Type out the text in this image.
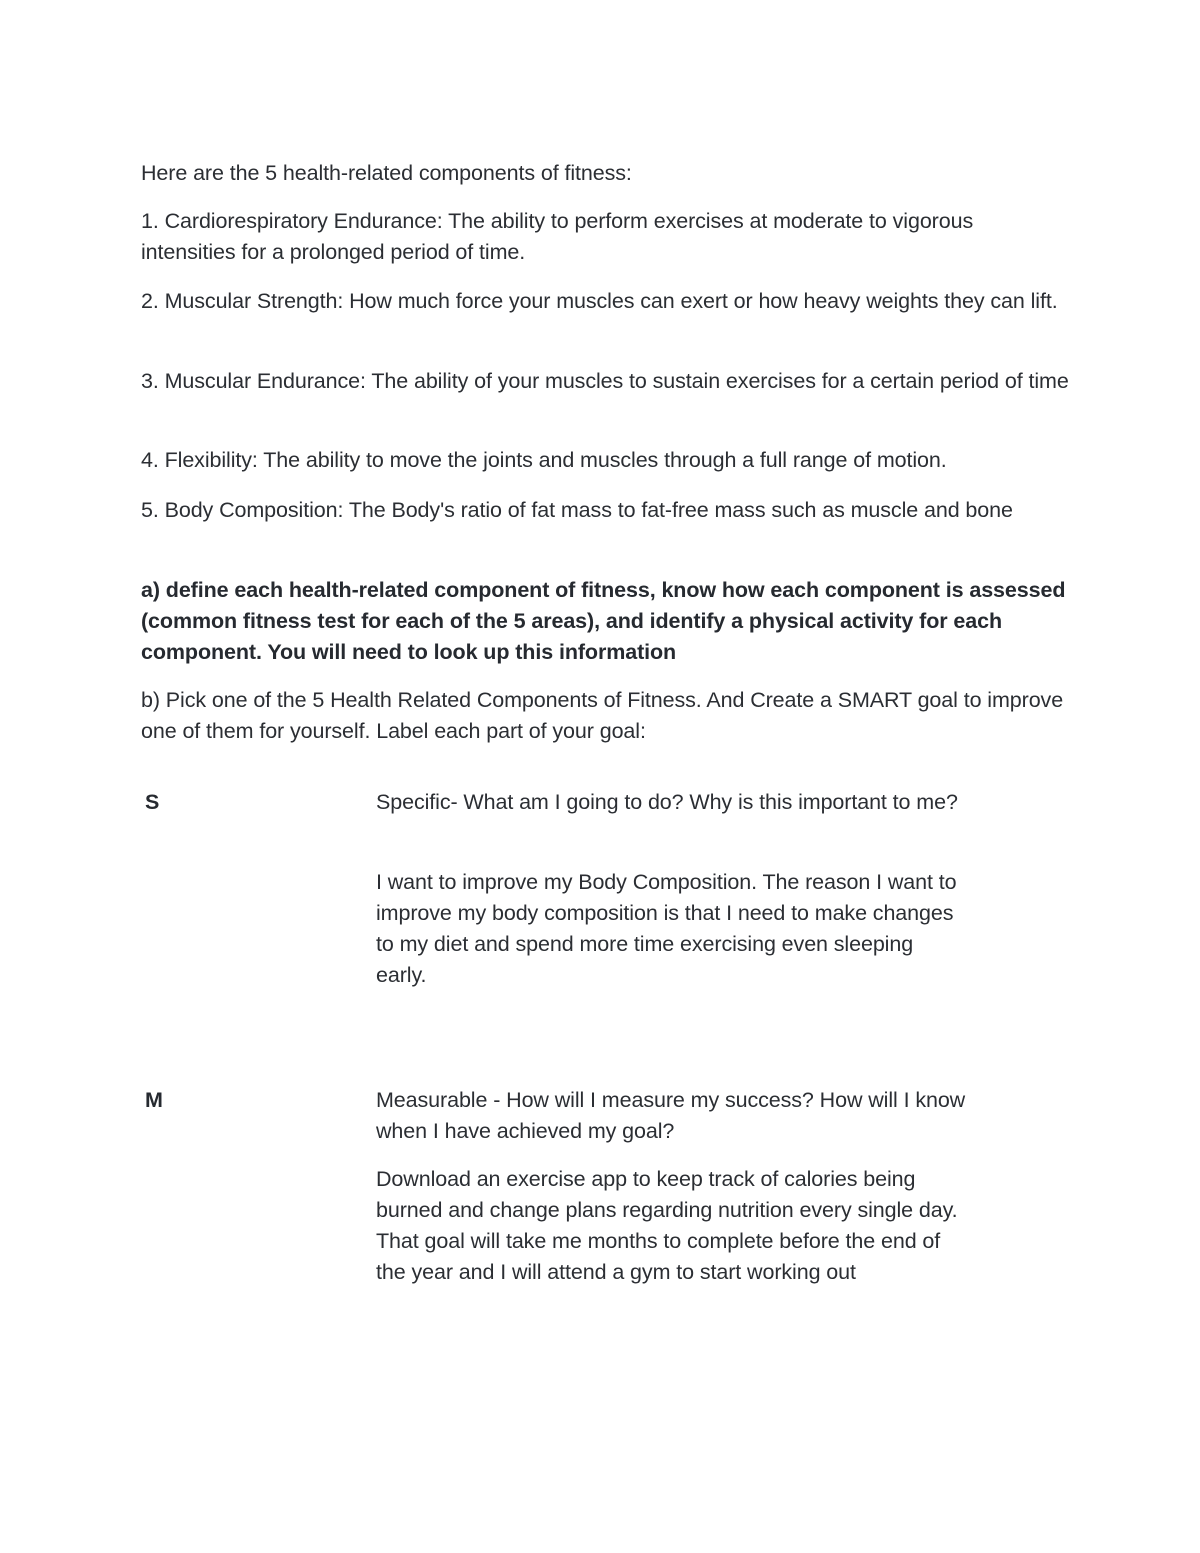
Here are the 5 health-related components of fitness:

1. Cardiorespiratory Endurance: The ability to perform exercises at moderate to vigorous intensities for a prolonged period of time.

2. Muscular Strength: How much force your muscles can exert or how heavy weights they can lift.

3. Muscular Endurance: The ability of your muscles to sustain exercises for a certain period of time

4. Flexibility: The ability to move the joints and muscles through a full range of motion.

5. Body Composition: The Body's ratio of fat mass to fat-free mass such as muscle and bone

a) define each health-related component of fitness, know how each component is assessed (common fitness test for each of the 5 areas), and identify a physical activity for each component. You will need to look up this information

b) Pick one of the 5 Health Related Components of Fitness. And Create a SMART goal to improve one of them for yourself. Label each part of your goal:

S	Specific- What am I going to do? Why is this important to me?

I want to improve my Body Composition. The reason I want to improve my body composition is that I need to make changes to my diet and spend more time exercising even sleeping early.

M	Measurable - How will I measure my success? How will I know when I have achieved my goal?

Download an exercise app to keep track of calories being burned and change plans regarding nutrition every single day. That goal will take me months to complete before the end of the year and I will attend a gym to start working out
